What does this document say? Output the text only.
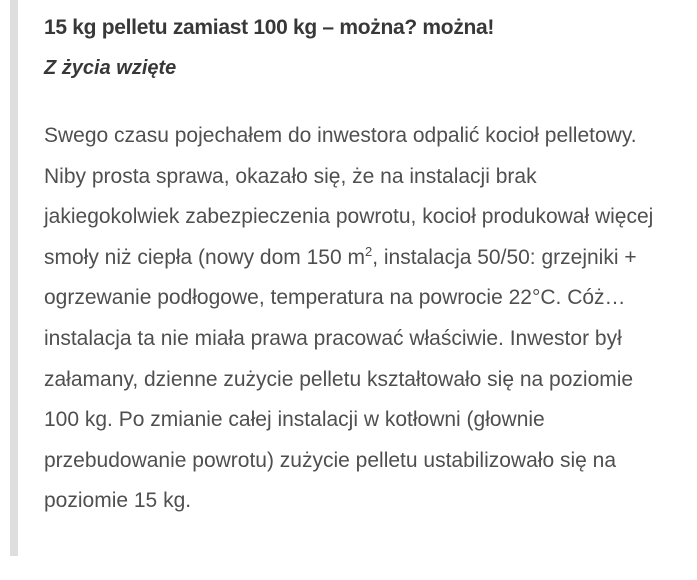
15 kg pelletu zamiast 100 kg – można? można!
Z życia wzięte

Swego czasu pojechałem do inwestora odpalić kocioł pelletowy. Niby prosta sprawa, okazało się, że na instalacji brak jakiegokolwiek zabezpieczenia powrotu, kocioł produkował więcej smoły niż ciepła (nowy dom 150 $m^2$, instalacja 50/50: grzejniki + ogrzewanie podłogowe, temperatura na powrocie 22°C. Cóż… instalacja ta nie miała prawa pracować właściwie. Inwestor był załamany, dzienne zużycie pelletu kształtowało się na poziomie 100 kg. Po zmianie całej instalacji w kotłowni (głownie przebudowanie powrotu) zużycie pelletu ustabilizowało się na poziomie 15 kg.
